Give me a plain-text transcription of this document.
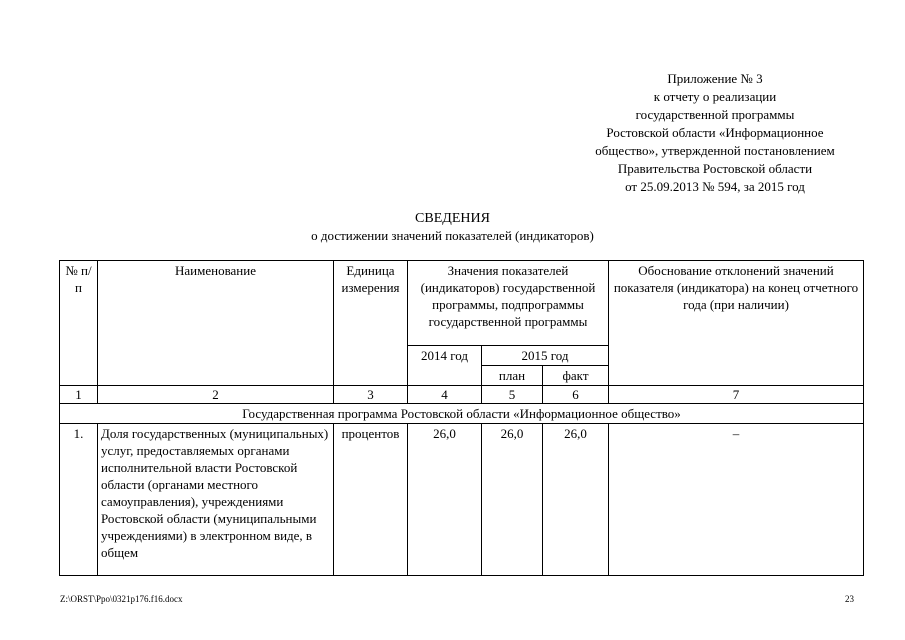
Приложение № 3
к отчету о реализации
государственной программы
Ростовской области «Информационное
общество», утвержденной постановлением
Правительства Ростовской области
от 25.09.2013 № 594, за 2015 год
СВЕДЕНИЯ
о достижении значений показателей (индикаторов)
№ п/п	Наименование	Единица измерения	Значения показателей (индикаторов) государственной программы, подпрограммы государственной программы			Обоснование отклонений значений показателя (индикатора) на конец отчетного года (при наличии)
			2014 год	2015 год		
				план	факт	
1	2	3	4	5	6	7
Государственная программа Ростовской области «Информационное общество»						
1.	Доля государственных (муниципальных) услуг, предоставляемых органами исполнительной власти Ростовской области (органами местного самоуправления), учреждениями Ростовской области (муниципальными учреждениями) в электронном виде, в общем	процентов	26,0	26,0	26,0	–
Z:\ORST\Ppo\0321p176.f16.docx	23
